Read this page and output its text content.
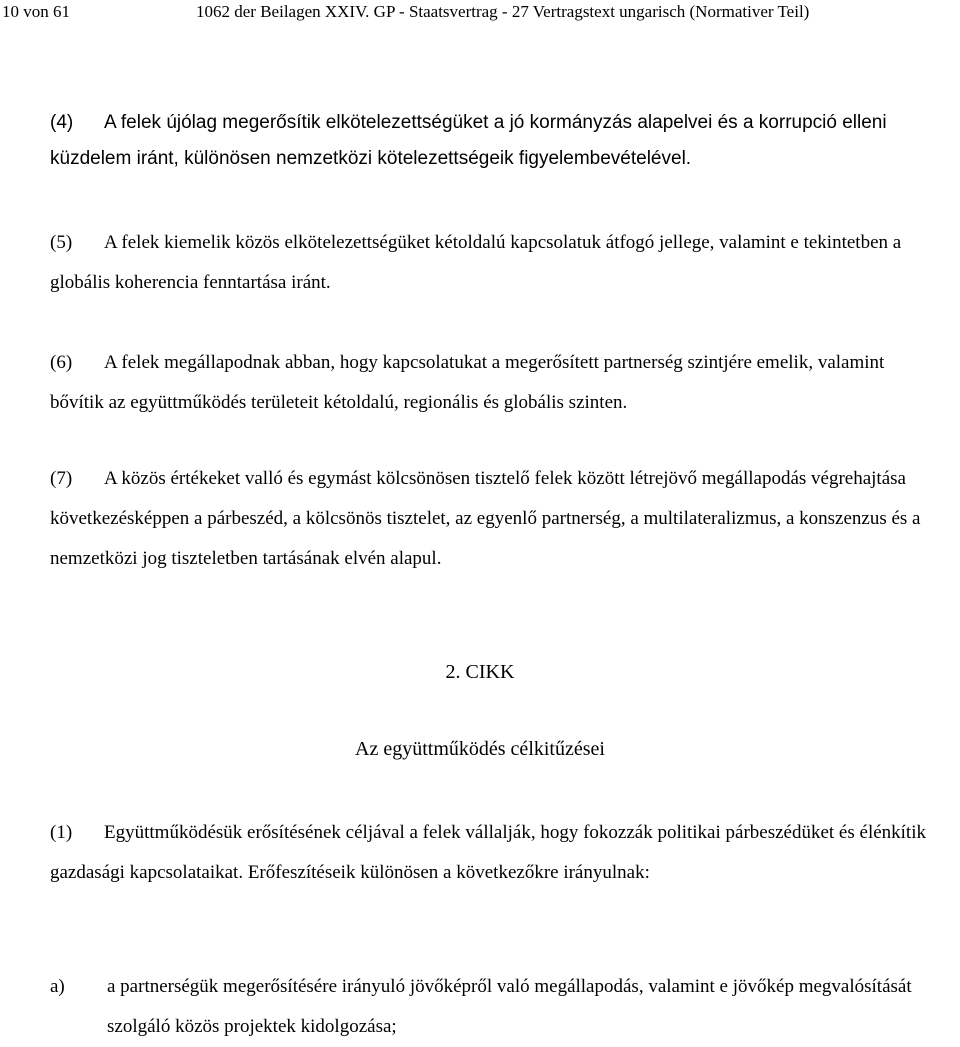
10 von 61	1062 der Beilagen XXIV. GP - Staatsvertrag - 27 Vertragstext ungarisch (Normativer Teil)

(4) A felek újólag megerősítik elkötelezettségüket a jó kormányzás alapelvei és a korrupció elleni küzdelem iránt, különösen nemzetközi kötelezettségeik figyelembevételével.

(5) A felek kiemelik közös elkötelezettségüket kétoldalú kapcsolatuk átfogó jellege, valamint e tekintetben a globális koherencia fenntartása iránt.

(6) A felek megállapodnak abban, hogy kapcsolatukat a megerősített partnerség szintjére emelik, valamint bővítik az együttműködés területeit kétoldalú, regionális és globális szinten.

(7) A közös értékeket valló és egymást kölcsönösen tisztelő felek között létrejövő megállapodás végrehajtása következésképpen a párbeszéd, a kölcsönös tisztelet, az egyenlő partnerség, a multilateralizmus, a konszenzus és a nemzetközi jog tiszteletben tartásának elvén alapul.

2. CIKK
Az együttműködés célkitűzései

(1) Együttműködésük erősítésének céljával a felek vállalják, hogy fokozzák politikai párbeszédüket és élénkítik gazdasági kapcsolataikat. Erőfeszítéseik különösen a következőkre irányulnak:

a) a partnerségük megerősítésére irányuló jövőképről való megállapodás, valamint e jövőkép megvalósítását szolgáló közös projektek kidolgozása;
